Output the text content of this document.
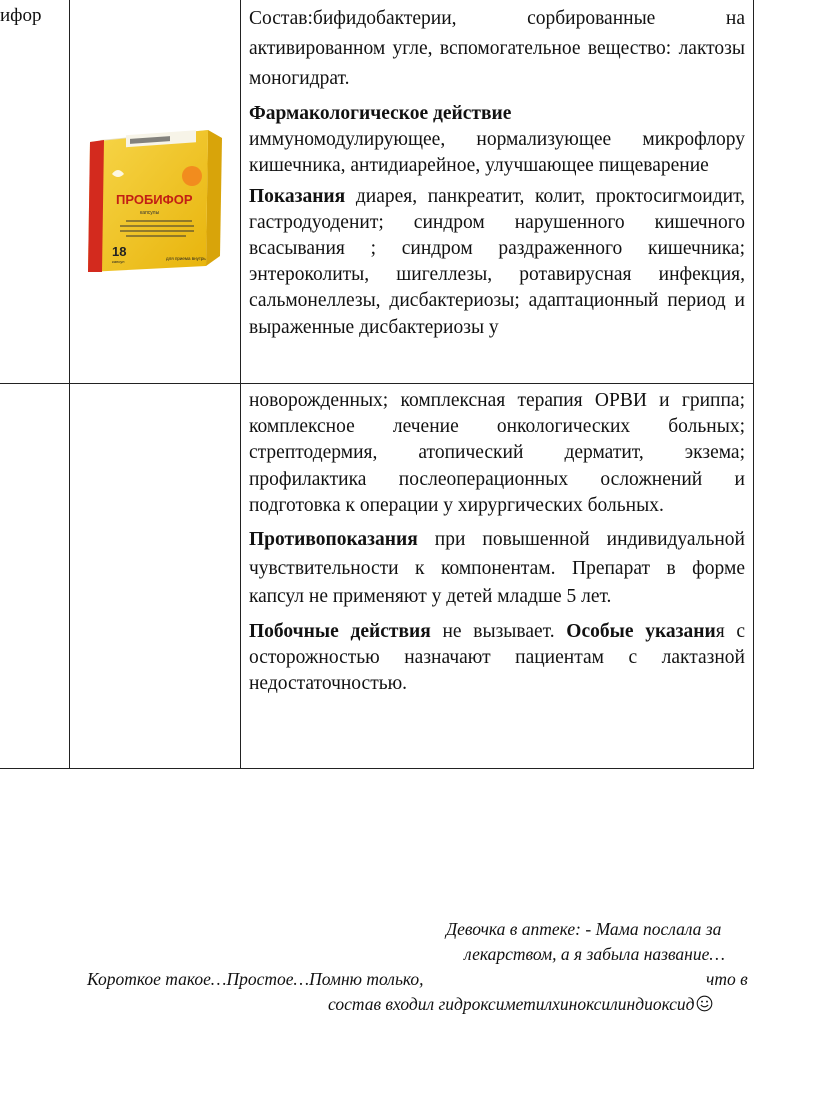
ифор
ПРОБИФОР
капсулы
18
капсул
для приема внутрь

Состав:бифидобактерии, сорбированные на активированном угле, вспомогательное вещество: лактозы моногидрат.

Фармакологическое действие
иммуномодулирующее, нормализующее микрофлору кишечника, антидиарейное, улучшающее пищеварение

Показания диарея, панкреатит, колит, проктосигмоидит, гастродуоденит; синдром нарушенного кишечного всасывания ; синдром раздраженного кишечника; энтероколиты, шигеллезы, ротавирусная инфекция, сальмонеллезы, дисбактериозы; адаптационный период и выраженные дисбактериозы у

новорожденных; комплексная терапия ОРВИ и гриппа; комплексное лечение онкологических больных; стрептодермия, атопический дерматит, экзема; профилактика послеоперационных осложнений и подготовка к операции у хирургических больных.

Противопоказания при повышенной индивидуальной чувствительности к компонентам. Препарат в форме капсул не применяют у детей младше 5 лет.

Побочные действия не вызывает. Особые указания с осторожностью назначают пациентам с лактазной недостаточностью.

Девочка в аптеке: - Мама послала за
лекарством, а я забыла название…
Короткое такое…Простое…Помню только,	что в
состав входил гидроксиметилхиноксилиндиоксид
